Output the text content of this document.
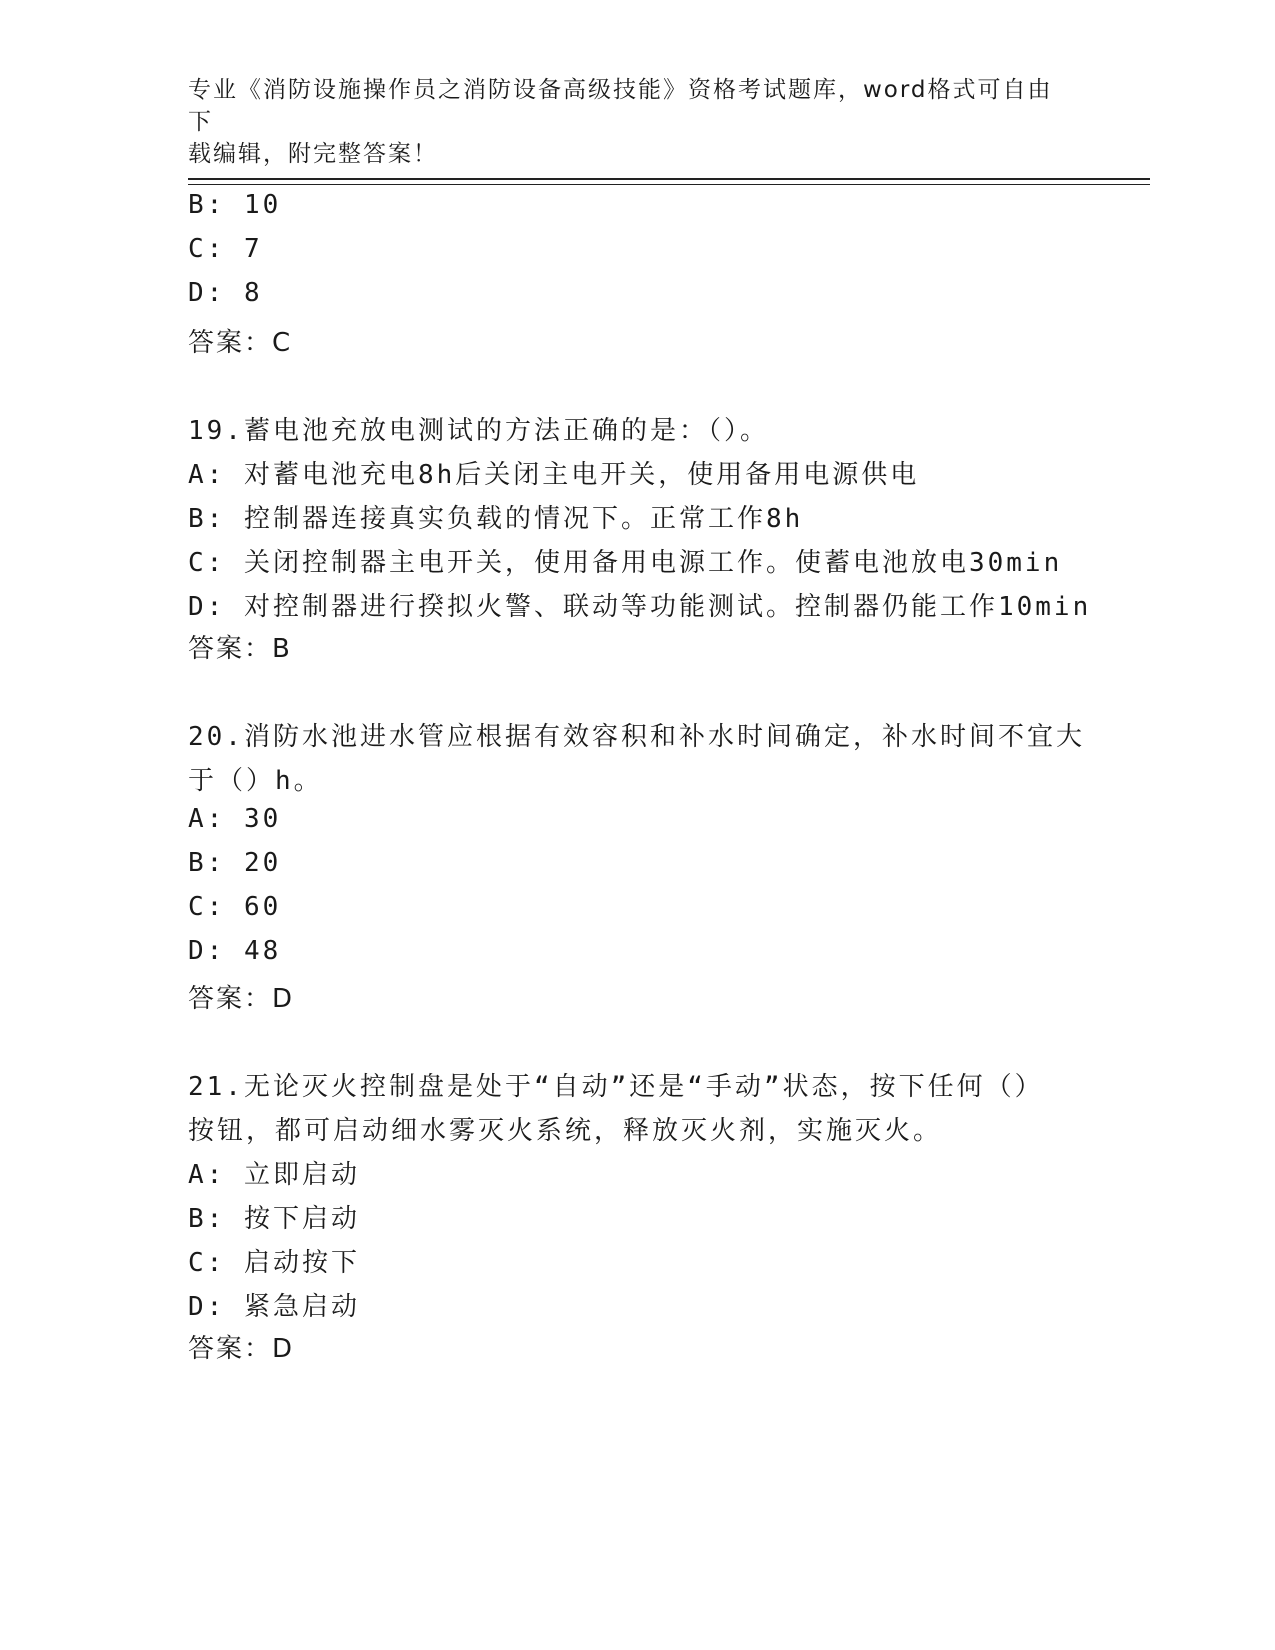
专业《消防设施操作员之消防设备高级技能》资格考试题库，word格式可自由下
载编辑，附完整答案！
B: 10
C: 7
D: 8
答案：C
19.蓄电池充放电测试的方法正确的是：（）。
A: 对蓄电池充电8h后关闭主电开关，使用备用电源供电
B: 控制器连接真实负载的情况下。正常工作8h
C: 关闭控制器主电开关，使用备用电源工作。使蓄电池放电30min
D: 对控制器进行揆拟火警、联动等功能测试。控制器仍能工作10min
答案：B
20.消防水池进水管应根据有效容积和补水时间确定，补水时间不宜大
于（）h。
A: 30
B: 20
C: 60
D: 48
答案：D
21.无论灭火控制盘是处于“自动”还是“手动”状态，按下任何（）
按钮，都可启动细水雾灭火系统，释放灭火剂，实施灭火。
A: 立即启动
B: 按下启动
C: 启动按下
D: 紧急启动
答案：D
